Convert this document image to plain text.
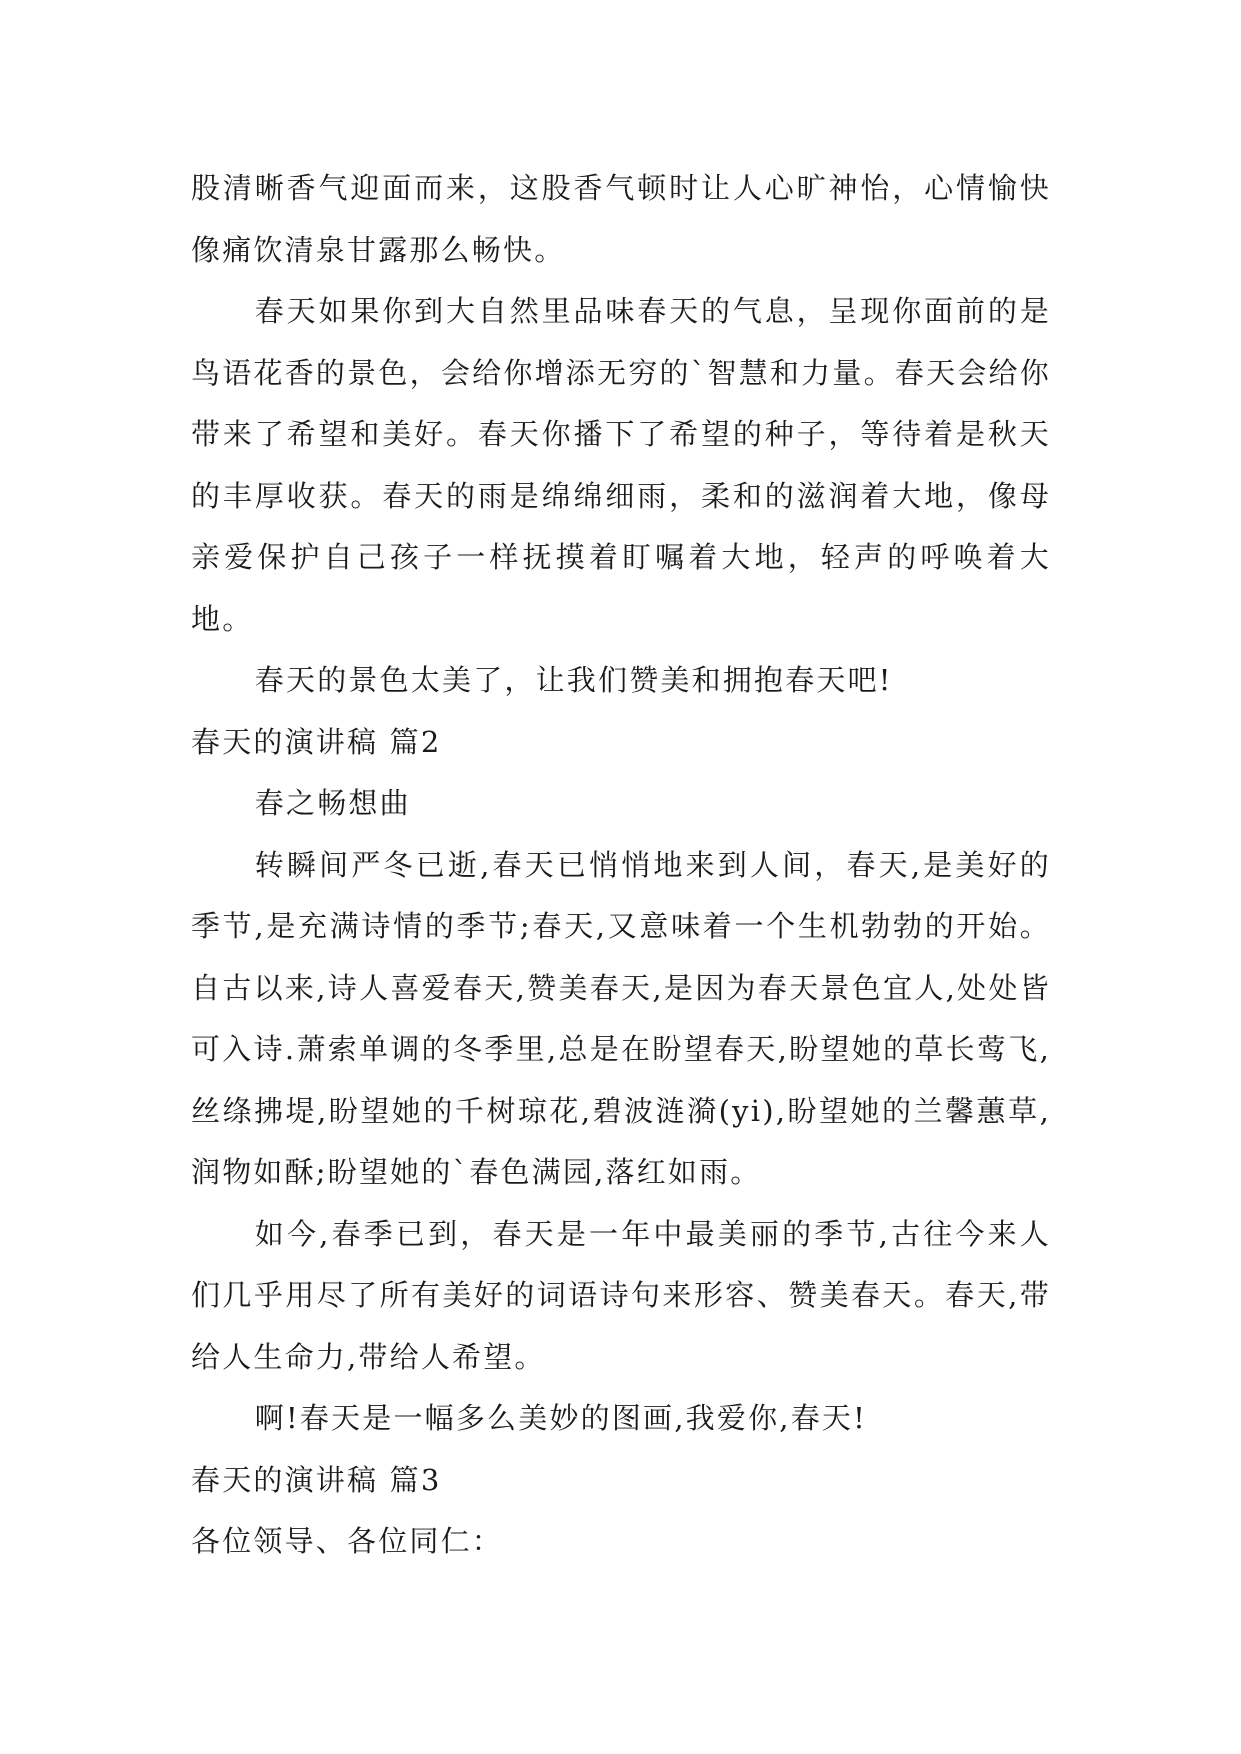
股清晰香气迎面而来，这股香气顿时让人心旷神怡，心情愉快像痛饮清泉甘露那么畅快。

春天如果你到大自然里品味春天的气息，呈现你面前的是鸟语花香的景色，会给你增添无穷的`智慧和力量。春天会给你带来了希望和美好。春天你播下了希望的种子，等待着是秋天的丰厚收获。春天的雨是绵绵细雨，柔和的滋润着大地，像母亲爱保护自己孩子一样抚摸着盯嘱着大地，轻声的呼唤着大地。

春天的景色太美了，让我们赞美和拥抱春天吧!

春天的演讲稿 篇2

春之畅想曲

转瞬间严冬已逝,春天已悄悄地来到人间，春天,是美好的季节,是充满诗情的季节;春天,又意味着一个生机勃勃的开始。自古以来,诗人喜爱春天,赞美春天,是因为春天景色宜人,处处皆可入诗.萧索单调的冬季里,总是在盼望春天,盼望她的草长莺飞,丝绦拂堤,盼望她的千树琼花,碧波涟漪(yi),盼望她的兰馨蕙草,润物如酥;盼望她的`春色满园,落红如雨。

如今,春季已到，春天是一年中最美丽的季节,古往今来人们几乎用尽了所有美好的词语诗句来形容、赞美春天。春天,带给人生命力,带给人希望。

啊!春天是一幅多么美妙的图画,我爱你,春天!

春天的演讲稿 篇3

各位领导、各位同仁：
